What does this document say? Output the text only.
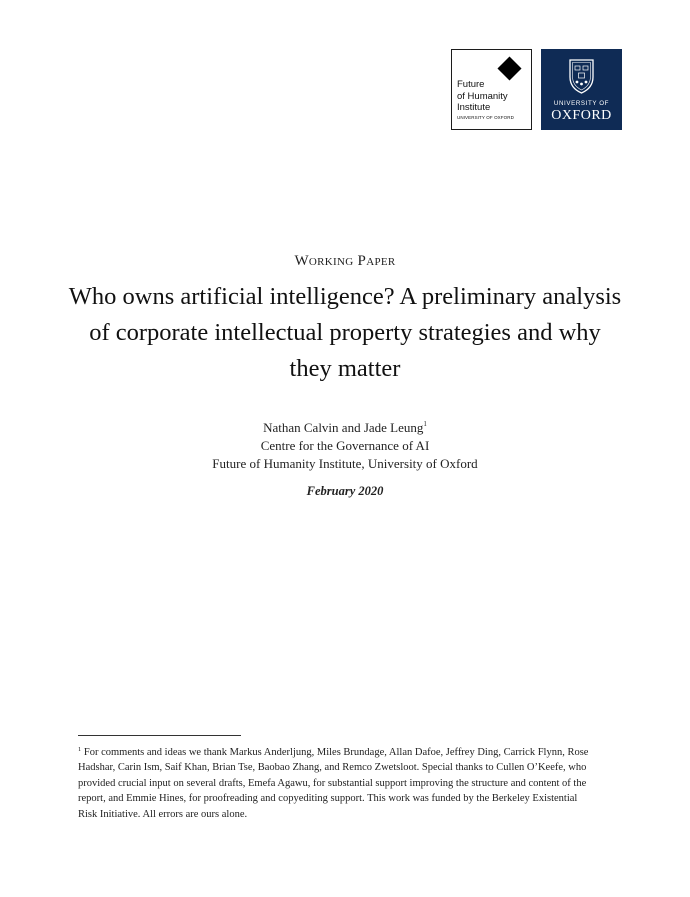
Future
of Humanity
Institute
UNIVERSITY OF OXFORD
UNIVERSITY OF
OXFORD
Working Paper
Who owns artificial intelligence? A preliminary analysis
of corporate intellectual property strategies and why
they matter
Nathan Calvin and Jade Leung$^1$
Centre for the Governance of AI
Future of Humanity Institute, University of Oxford
February 2020
$^1$ For comments and ideas we thank Markus Anderljung, Miles Brundage, Allan Dafoe, Jeffrey Ding, Carrick Flynn, Rose
Hadshar, Carin Ism, Saif Khan, Brian Tse, Baobao Zhang, and Remco Zwetsloot. Special thanks to Cullen O’Keefe, who
provided crucial input on several drafts, Emefa Agawu, for substantial support improving the structure and content of the
report, and Emmie Hines, for proofreading and copyediting support. This work was funded by the Berkeley Existential
Risk Initiative. All errors are ours alone.
